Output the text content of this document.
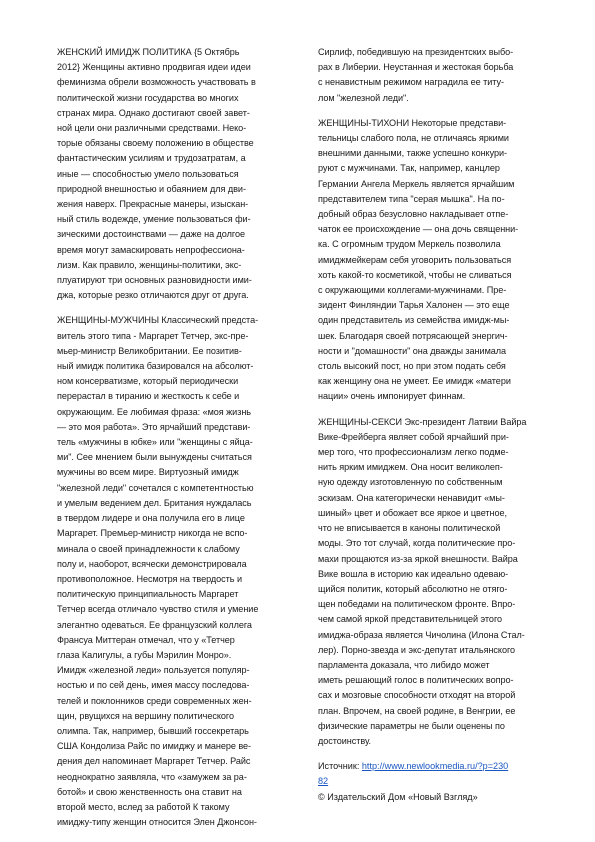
ЖЕНСКИЙ ИМИДЖ ПОЛИТИКА {5 Октябрь
2012} Женщины активно продвигая идеи идеи
феминизма обрели возможность участвовать в
политической жизни государства во многих
странах мира. Однако достигают своей завет-
ной цели они различными средствами. Неко-
торые обязаны своему положению в обществе
фантастическим усилиям и трудозатратам, а
иные — способностью умело пользоваться
природной внешностью и обаянием для дви-
жения наверх. Прекрасные манеры, изыскан-
ный стиль вoдежде, умение пользоваться фи-
зическими достоинствами — даже на долгое
время могут замаскировать непрофессиона-
лизм. Как правило, женщины-политики, экс-
плуатируют три основных разновидности ими-
джа, которые резко отличаются друг от друга.

ЖЕНЩИНЫ-МУЖЧИНЫ Классический предста-
витель этого типа - Маргарет Тетчер, экс-пре-
мьер-министр Великобритании. Ее позитив-
ный имидж политика базировался на абсолют-
ном консерватизме, который периодически
перерастал в тиранию и жесткость к себе и
окружающим. Ее любимая фраза: «моя жизнь
— это моя работа». Это ярчайший представи-
тель «мужчины в юбке» или "женщины с яйца-
ми". Сее мнением были вынуждены считаться
мужчины во всем мире. Виртуозный имидж
"железной леди" сочетался с компетентностью
и умелым ведением дел. Британия нуждалась
в твердом лидере и она получила его в лице
Маргарет. Премьер-министр никогда не вспо-
минала о своей принадлежности к слабому
полу и, наоборот, всячески демонстрировала
противоположное. Несмотря на твердость и
политическую принципиальность Маргарет
Тетчер всегда отличало чувство стиля и умение
элегантно одеваться. Ее французский коллега
Франсуа Миттеран отмечал, что у «Тетчер
глаза Калигулы, а губы Мэрилин Монро».
Имидж «железной леди» пользуется популяр-
ностью и по сей день, имея массу последова-
телей и поклонников среди современных жен-
щин, рвущихся на вершину политического
олимпа. Так, например, бывший госсекретарь
США Кондолиза Райс по имиджу и манере ве-
дения дел напоминает Маргарет Тетчер. Райс
неоднократно заявляла, что «замужем за ра-
ботой» и свою женственность она ставит на
второй место, вслед за работой К такому
имиджу-типу женщин относится Элен Джонсон-

Сирлиф, победившую на президентских выбо-
рах в Либерии. Неустанная и жестокая борьба
с ненавистным режимом наградила ее титу-
лом "железной леди".

ЖЕНЩИНЫ-ТИХОНИ Некоторые представи-
тельницы слабого пола, не отличаясь яркими
внешними данными, также успешно конкури-
руют с мужчинами. Так, например, канцлер
Германии Ангела Меркель является ярчайшим
представителем типа "серая мышка". На по-
добный образ безусловно накладывает отпе-
чаток ее происхождение — она дочь священни-
ка. С огромным трудом Меркель позволила
имиджмейкерам себя уговорить пользоваться
хоть какой-то косметикой, чтобы не сливаться
с окружающими коллегами-мужчинами. Пре-
зидент Финляндии Тарья Халонен — это еще
один представитель из семейства имидж-мы-
шек. Благодаря своей потрясающей энергич-
ности и "домашности" она дважды занимала
столь высокий пост, но при этом подать себя
как женщину она не умеет. Ее имидж «матери
нации» очень импонирует финнам.

ЖЕНЩИНЫ-СЕКСИ Экс-президент Латвии Вайра
Вике-Фрейберга являет собой ярчайший при-
мер того, что профессионализм легко подме-
нить ярким имиджем. Она носит великолеп-
ную одежду изготовленную по собственным
эскизам. Она категорически ненавидит «мы-
шиный» цвет и обожает все яркое и цветное,
что не вписывается в каноны политической
моды. Это тот случай, когда политические про-
махи прощаются из-за яркой внешности. Вайра
Вике вошла в историю как идеально одеваю-
щийся политик, который абсолютно не отяго-
щен победами на политическом фронте. Впро-
чем самой яркой представительницей этого
имиджа-образа является Чичолина (Илона Стал-
лер). Порно-звезда и экс-депутат итальянского
парламента доказала, что либидо может
иметь решающий голос в политических вопро-
сах и мозговые способности отходят на второй
план. Впрочем, на своей родине, в Венгрии, ее
физические параметры не были оценены по
достоинству.

Источник: http://www.newlookmedia.ru/?p=230
82
© Издательский Дом «Новый Взгляд»
